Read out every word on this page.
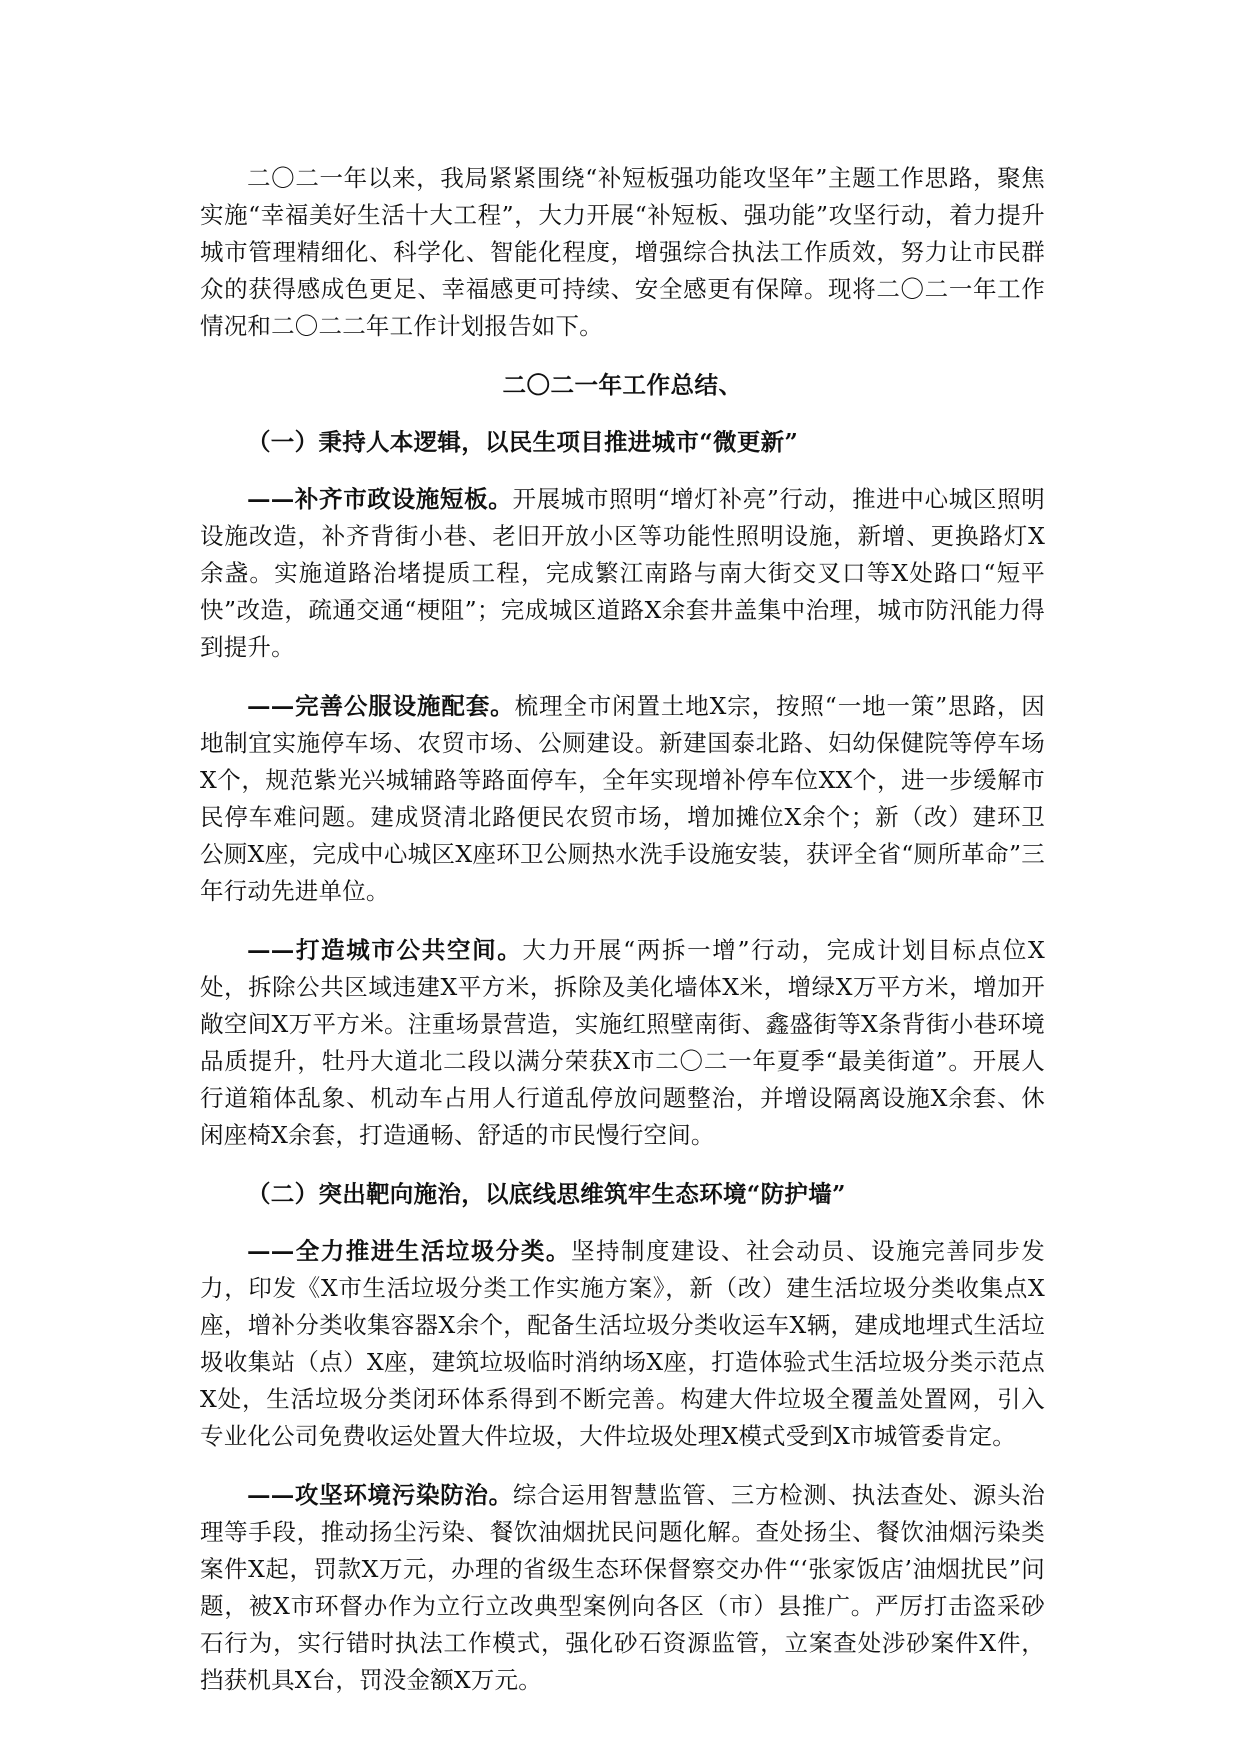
二〇二一年以来，我局紧紧围绕“补短板强功能攻坚年”主题工作思路，聚焦实施“幸福美好生活十大工程”，大力开展“补短板、强功能”攻坚行动，着力提升城市管理精细化、科学化、智能化程度，增强综合执法工作质效，努力让市民群众的获得感成色更足、幸福感更可持续、安全感更有保障。现将二〇二一年工作情况和二〇二二年工作计划报告如下。

二〇二一年工作总结、

（一）秉持人本逻辑，以民生项目推进城市“微更新”

——补齐市政设施短板。开展城市照明“增灯补亮”行动，推进中心城区照明设施改造，补齐背街小巷、老旧开放小区等功能性照明设施，新增、更换路灯X余盏。实施道路治堵提质工程，完成繁江南路与南大街交叉口等X处路口“短平快”改造，疏通交通“梗阻”；完成城区道路X余套井盖集中治理，城市防汛能力得到提升。

——完善公服设施配套。梳理全市闲置土地X宗，按照“一地一策”思路，因地制宜实施停车场、农贸市场、公厕建设。新建国泰北路、妇幼保健院等停车场X个，规范紫光兴城辅路等路面停车，全年实现增补停车位XX个，进一步缓解市民停车难问题。建成贤清北路便民农贸市场，增加摊位X余个；新（改）建环卫公厕X座，完成中心城区X座环卫公厕热水洗手设施安装，获评全省“厕所革命”三年行动先进单位。

——打造城市公共空间。大力开展“两拆一增”行动，完成计划目标点位X处，拆除公共区域违建X平方米，拆除及美化墙体X米，增绿X万平方米，增加开敞空间X万平方米。注重场景营造，实施红照壁南街、鑫盛街等X条背街小巷环境品质提升，牡丹大道北二段以满分荣获X市二〇二一年夏季“最美街道”。开展人行道箱体乱象、机动车占用人行道乱停放问题整治，并增设隔离设施X余套、休闲座椅X余套，打造通畅、舒适的市民慢行空间。

（二）突出靶向施治，以底线思维筑牢生态环境“防护墙”

——全力推进生活垃圾分类。坚持制度建设、社会动员、设施完善同步发力，印发《X市生活垃圾分类工作实施方案》，新（改）建生活垃圾分类收集点X座，增补分类收集容器X余个，配备生活垃圾分类收运车X辆，建成地埋式生活垃圾收集站（点）X座，建筑垃圾临时消纳场X座，打造体验式生活垃圾分类示范点X处，生活垃圾分类闭环体系得到不断完善。构建大件垃圾全覆盖处置网，引入专业化公司免费收运处置大件垃圾，大件垃圾处理X模式受到X市城管委肯定。

——攻坚环境污染防治。综合运用智慧监管、三方检测、执法查处、源头治理等手段，推动扬尘污染、餐饮油烟扰民问题化解。查处扬尘、餐饮油烟污染类案件X起，罚款X万元，办理的省级生态环保督察交办件“‘张家饭店’油烟扰民”问题，被X市环督办作为立行立改典型案例向各区（市）县推广。严厉打击盗采砂石行为，实行错时执法工作模式，强化砂石资源监管，立案查处涉砂案件X件，挡获机具X台，罚没金额X万元。
